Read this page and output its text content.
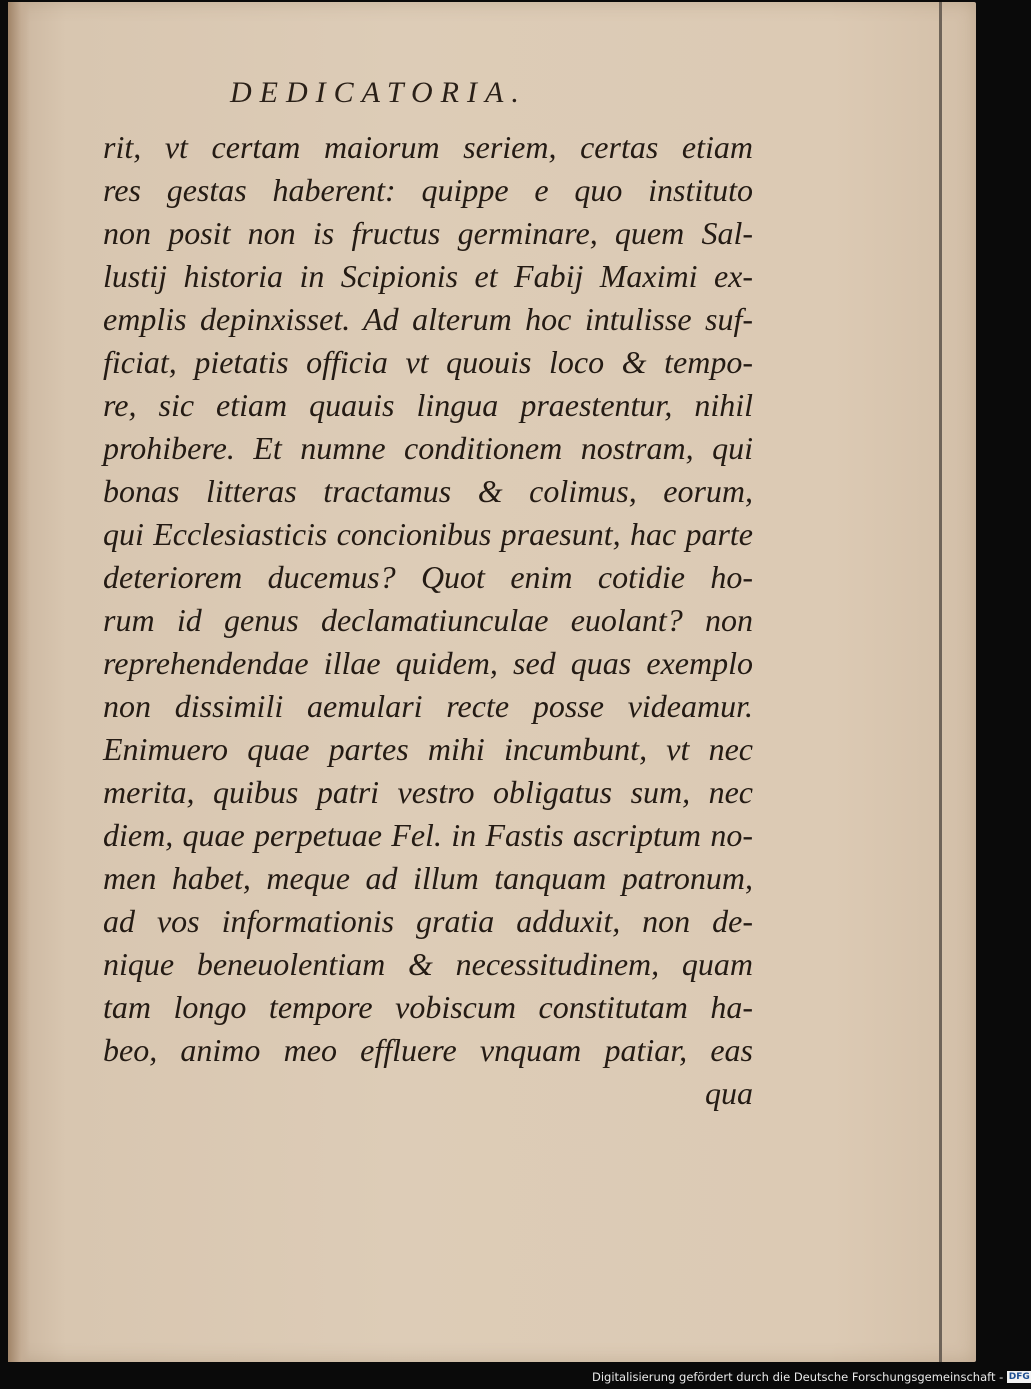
DEDICATORIA.
rit, vt certam maiorum seriem, certas etiam
res gestas haberent: quippe e quo instituto
non posit non is fructus germinare, quem Sal-
lustij historia in Scipionis et Fabij Maximi ex-
emplis depinxisset. Ad alterum hoc intulisse suf-
ficiat, pietatis officia vt quouis loco & tempo-
re, sic etiam quauis lingua praestentur, nihil
prohibere. Et numne conditionem nostram, qui
bonas litteras tractamus & colimus, eorum,
qui Ecclesiasticis concionibus praesunt, hac parte
deteriorem ducemus? Quot enim cotidie ho-
rum id genus declamatiunculae euolant? non
reprehendendae illae quidem, sed quas exemplo
non dissimili aemulari recte posse videamur.
Enimuero quae partes mihi incumbunt, vt nec
merita, quibus patri vestro obligatus sum, nec
diem, quae perpetuae Fel. in Fastis ascriptum no-
men habet, meque ad illum tanquam patronum,
ad vos informationis gratia adduxit, non de-
nique beneuolentiam & necessitudinem, quam
tam longo tempore vobiscum constitutam ha-
beo, animo meo effluere vnquam patiar, eas
qua
Digitalisierung gefördert durch die Deutsche Forschungsgemeinschaft - DFG
